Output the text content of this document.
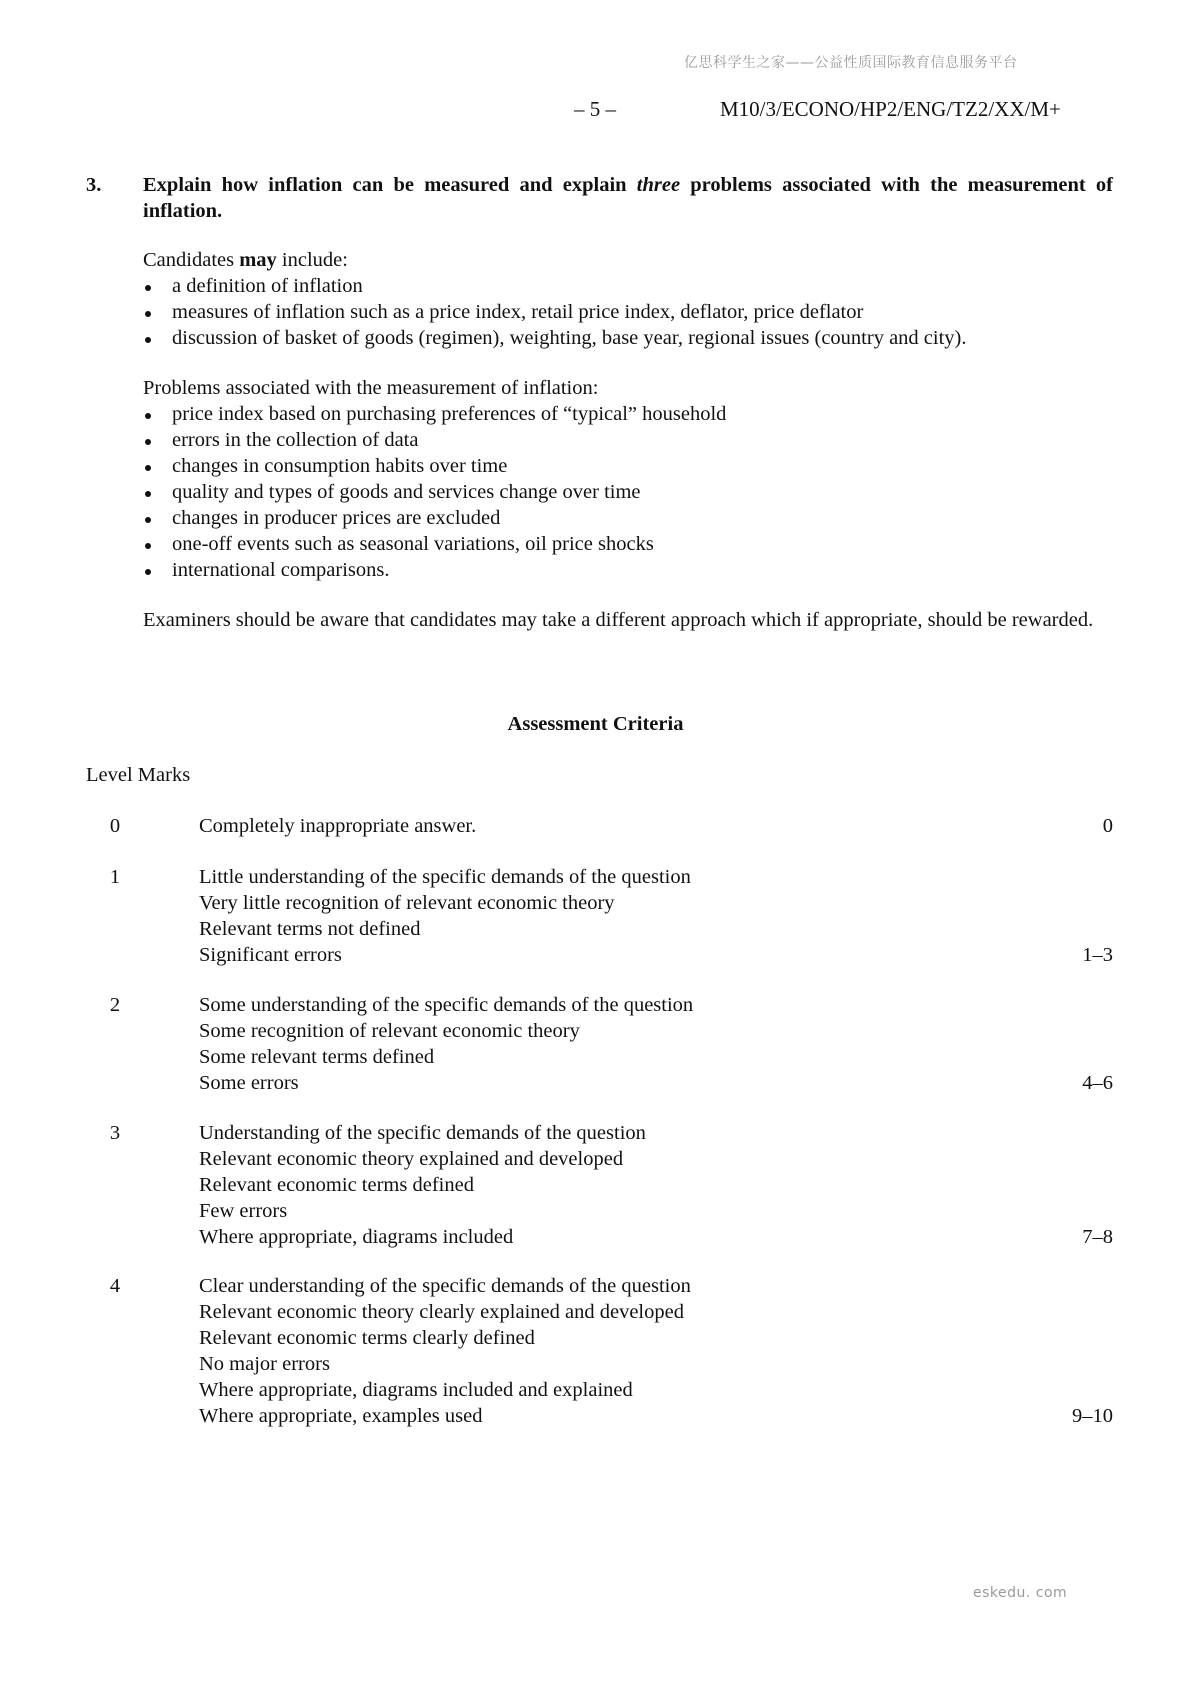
亿思科学生之家——公益性质国际教育信息服务平台
– 5 –	M10/3/ECONO/HP2/ENG/TZ2/XX/M+
3. Explain how inflation can be measured and explain three problems associated with the measurement of inflation.
Candidates may include:
a definition of inflation
measures of inflation such as a price index, retail price index, deflator, price deflator
discussion of basket of goods (regimen), weighting, base year, regional issues (country and city).
Problems associated with the measurement of inflation:
price index based on purchasing preferences of “typical” household
errors in the collection of data
changes in consumption habits over time
quality and types of goods and services change over time
changes in producer prices are excluded
one-off events such as seasonal variations, oil price shocks
international comparisons.
Examiners should be aware that candidates may take a different approach which if appropriate, should be rewarded.
Assessment Criteria
Level Marks
0	Completely inappropriate answer.	0
1	Little understanding of the specific demands of the question
Very little recognition of relevant economic theory
Relevant terms not defined
Significant errors	1–3
2	Some understanding of the specific demands of the question
Some recognition of relevant economic theory
Some relevant terms defined
Some errors	4–6
3	Understanding of the specific demands of the question
Relevant economic theory explained and developed
Relevant economic terms defined
Few errors
Where appropriate, diagrams included	7–8
4	Clear understanding of the specific demands of the question
Relevant economic theory clearly explained and developed
Relevant economic terms clearly defined
No major errors
Where appropriate, diagrams included and explained
Where appropriate, examples used	9–10
eskedu. com
